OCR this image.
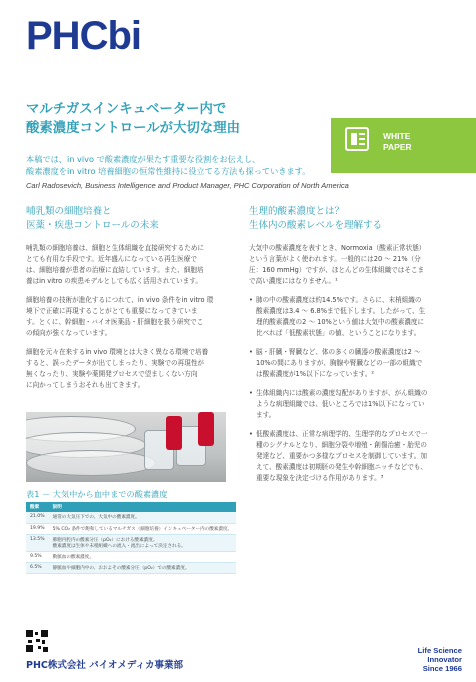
PHCbi
マルチガスインキュベーター内で
酸素濃度コントロールが大切な理由	WHITE
PAPER
本稿では、in vivo で酸素濃度が果たす重要な役割をお伝えし、
酸素濃度をin vitro 培養細胞の恒常性維持に役立てる方法も探っていきます。
Carl Radosevich, Business Intelligence and Product Manager, PHC Corporation of North America
哺乳類の細胞培養と
医薬・疾患コントロールの未来
哺乳類の細胞培養は、細胞と生体組織を直接研究するために
とても有用な手段です。近年盛んになっている再生医療で
は、細胞培養が患者の治療に直結しています。また、細胞培
養はin vitro の疾患モデルとしても広く活用されています。
細胞培養の技術が進化するにつれて、in vivo 条件をin vitro 環
境下で正確に再現することがとても重要になってきていま
す。とくに、幹細胞・バイオ医薬品・肝細胞を扱う研究でこ
の傾向が強くなっています。
細胞を元々在来するin vivo 環境とは大きく異なる環境で培養
すると、誤ったデータが出てしまったり、実験での再現性が
無くなったり、実験や薬開発プロセスで望ましくない方向
に向かってしまうおそれも出てきます。
生理的酸素濃度とは？
生体内の酸素レベルを理解する
大気中の酸素濃度を表すとき、Normoxia（酸素正常状態）
という言葉がよく使われます。一般的には20 ～ 21%（分
圧：160 mmHg）ですが、ほとんどの生体組織ではそこま
で高い濃度にはなりません。¹
• 肺の中の酸素濃度は約14.5%です。さらに、末梢組織の
酸素濃度は3.4 ～ 6.8%まで低下します。したがって、生
理的酸素濃度の2 ～ 10%という値は大気中の酸素濃度に
比べれば「低酸素状態」の値、ということになります。
• 脳・肝臓・腎臓など、体の多くの臓器の酸素濃度は2 ～
10%の間にありますが、胸腺や腎臓などの一部の組織で
は酸素濃度が1%以下になっています。²
• 生体組織内には酸素の濃度勾配がありますが、がん組織の
ような病理組織では、低いところでは1%以下になってい
ます。
• 低酸素濃度は、正常な病理学的、生理学的なプロセスで一
種のシグナルとなり、細胞分裂や増殖・創傷治癒・胎児の
発達など、重要かつ多様なプロセスを制御しています。加
えて、酸素濃度は初期胚の発生や幹細胞ニッチなどでも、
重要な現象を決定づける作用があります。³
表1 － 大気中から血中までの酸素濃度
酸素	説明
21.0%	通常の大気圧下での、大気中の酸素濃度。

19.9%	5% CO₂ 条件で飽和しているマルチガス（細胞培養）インキュベーター内の酸素濃度。

13.5%	肺胞内腔内の酸素分圧（pO₂）における酸素濃度。
酸素濃度は生体や末梢組織への流入・流出によって決定される。

9.5%	動脈血の酸素濃度。

6.5%	静脈血や細胞内中の、おおよその酸素分圧（pO₂）での酸素濃度。
PHC株式会社 バイオメディカ事業部
Life Science
Innovator
Since 1966
